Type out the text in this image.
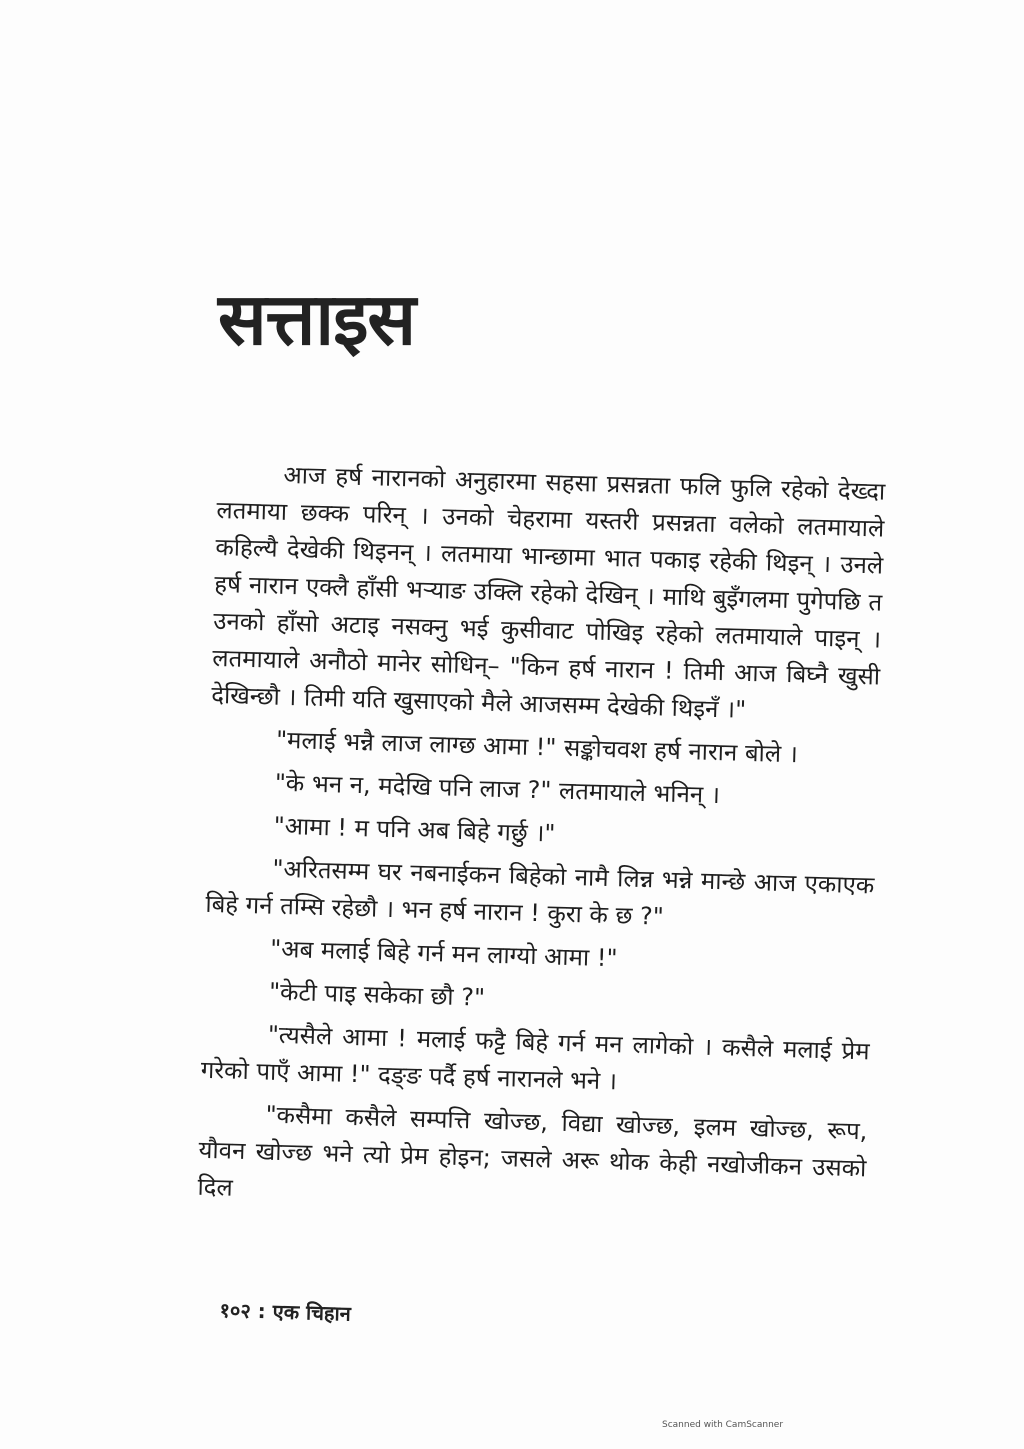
सत्ताइस

आज हर्ष नारानको अनुहारमा सहसा प्रसन्नता फलि फुलि रहेको देख्दा लतमाया छक्क परिन् । उनको चेहरामा यस्तरी प्रसन्नता वलेको लतमायाले कहिल्यै देखेकी थिइनन् । लतमाया भान्छामा भात पकाइ रहेकी थिइन् । उनले हर्ष नारान एक्लै हाँसी भऱ्याङ उक्लि रहेको देखिन् । माथि बुइँगलमा पुगेपछि त उनको हाँसो अटाइ नसक्नु भई कुसीवाट पोखिइ रहेको लतमायाले पाइन् । लतमायाले अनौठो मानेर सोधिन्– "किन हर्ष नारान ! तिमी आज बिघ्नै खुसी देखिन्छौ । तिमी यति खुसाएको मैले आजसम्म देखेकी थिइनँ ।"

"मलाई भन्नै लाज लाग्छ आमा !" सङ्कोचवश हर्ष नारान बोले ।

"के भन न, मदेखि पनि लाज ?" लतमायाले भनिन् ।

"आमा ! म पनि अब बिहे गर्छु ।"

"अरितसम्म घर नबनाईकन बिहेको नामै लिन्न भन्ने मान्छे आज एकाएक बिहे गर्न तम्सि रहेछौ । भन हर्ष नारान ! कुरा के छ ?"

"अब मलाई बिहे गर्न मन लाग्यो आमा !"

"केटी पाइ सकेका छौ ?"

"त्यसैले आमा ! मलाई फट्टै बिहे गर्न मन लागेको । कसैले मलाई प्रेम गरेको पाएँ आमा !" दङ्ङ पर्दै हर्ष नारानले भने ।

"कसैमा कसैले सम्पत्ति खोज्छ, विद्या खोज्छ, इलम खोज्छ, रूप, यौवन खोज्छ भने त्यो प्रेम होइन; जसले अरू थोक केही नखोजीकन उसको दिल

१०२ : एक चिहान
Scanned with CamScanner
